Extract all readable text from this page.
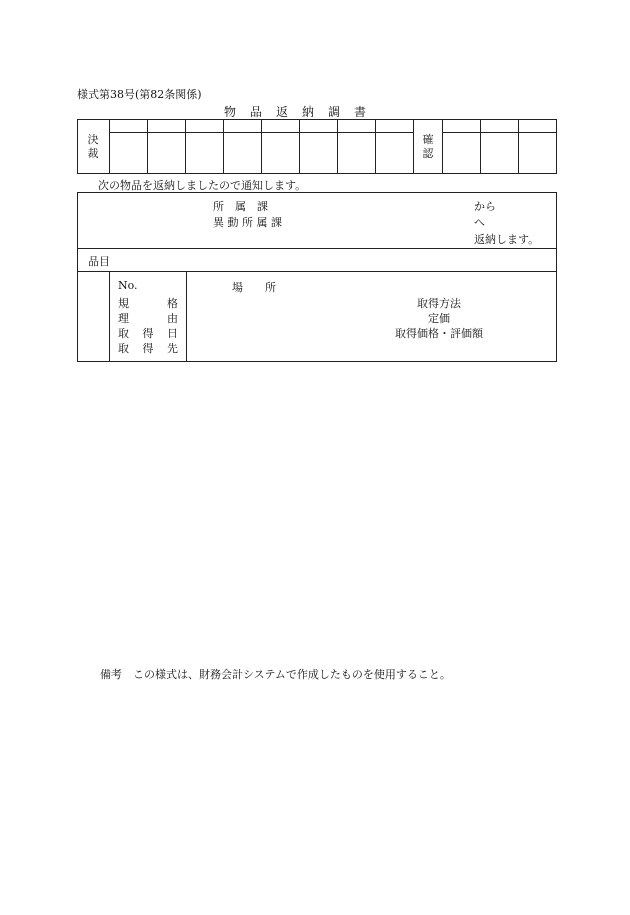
様式第38号(第82条関係)
物　品　返　納　調　書
決裁
確認
次の物品を返納しましたので通知します。
所　属　課
異 動 所 属 課
から
へ
返納します。
品目
No.
規	格
理	由
取 得 日
取 得 先
場　　所
取得方法
定価
取得価格・評価額
備考　この様式は、財務会計システムで作成したものを使用すること。
